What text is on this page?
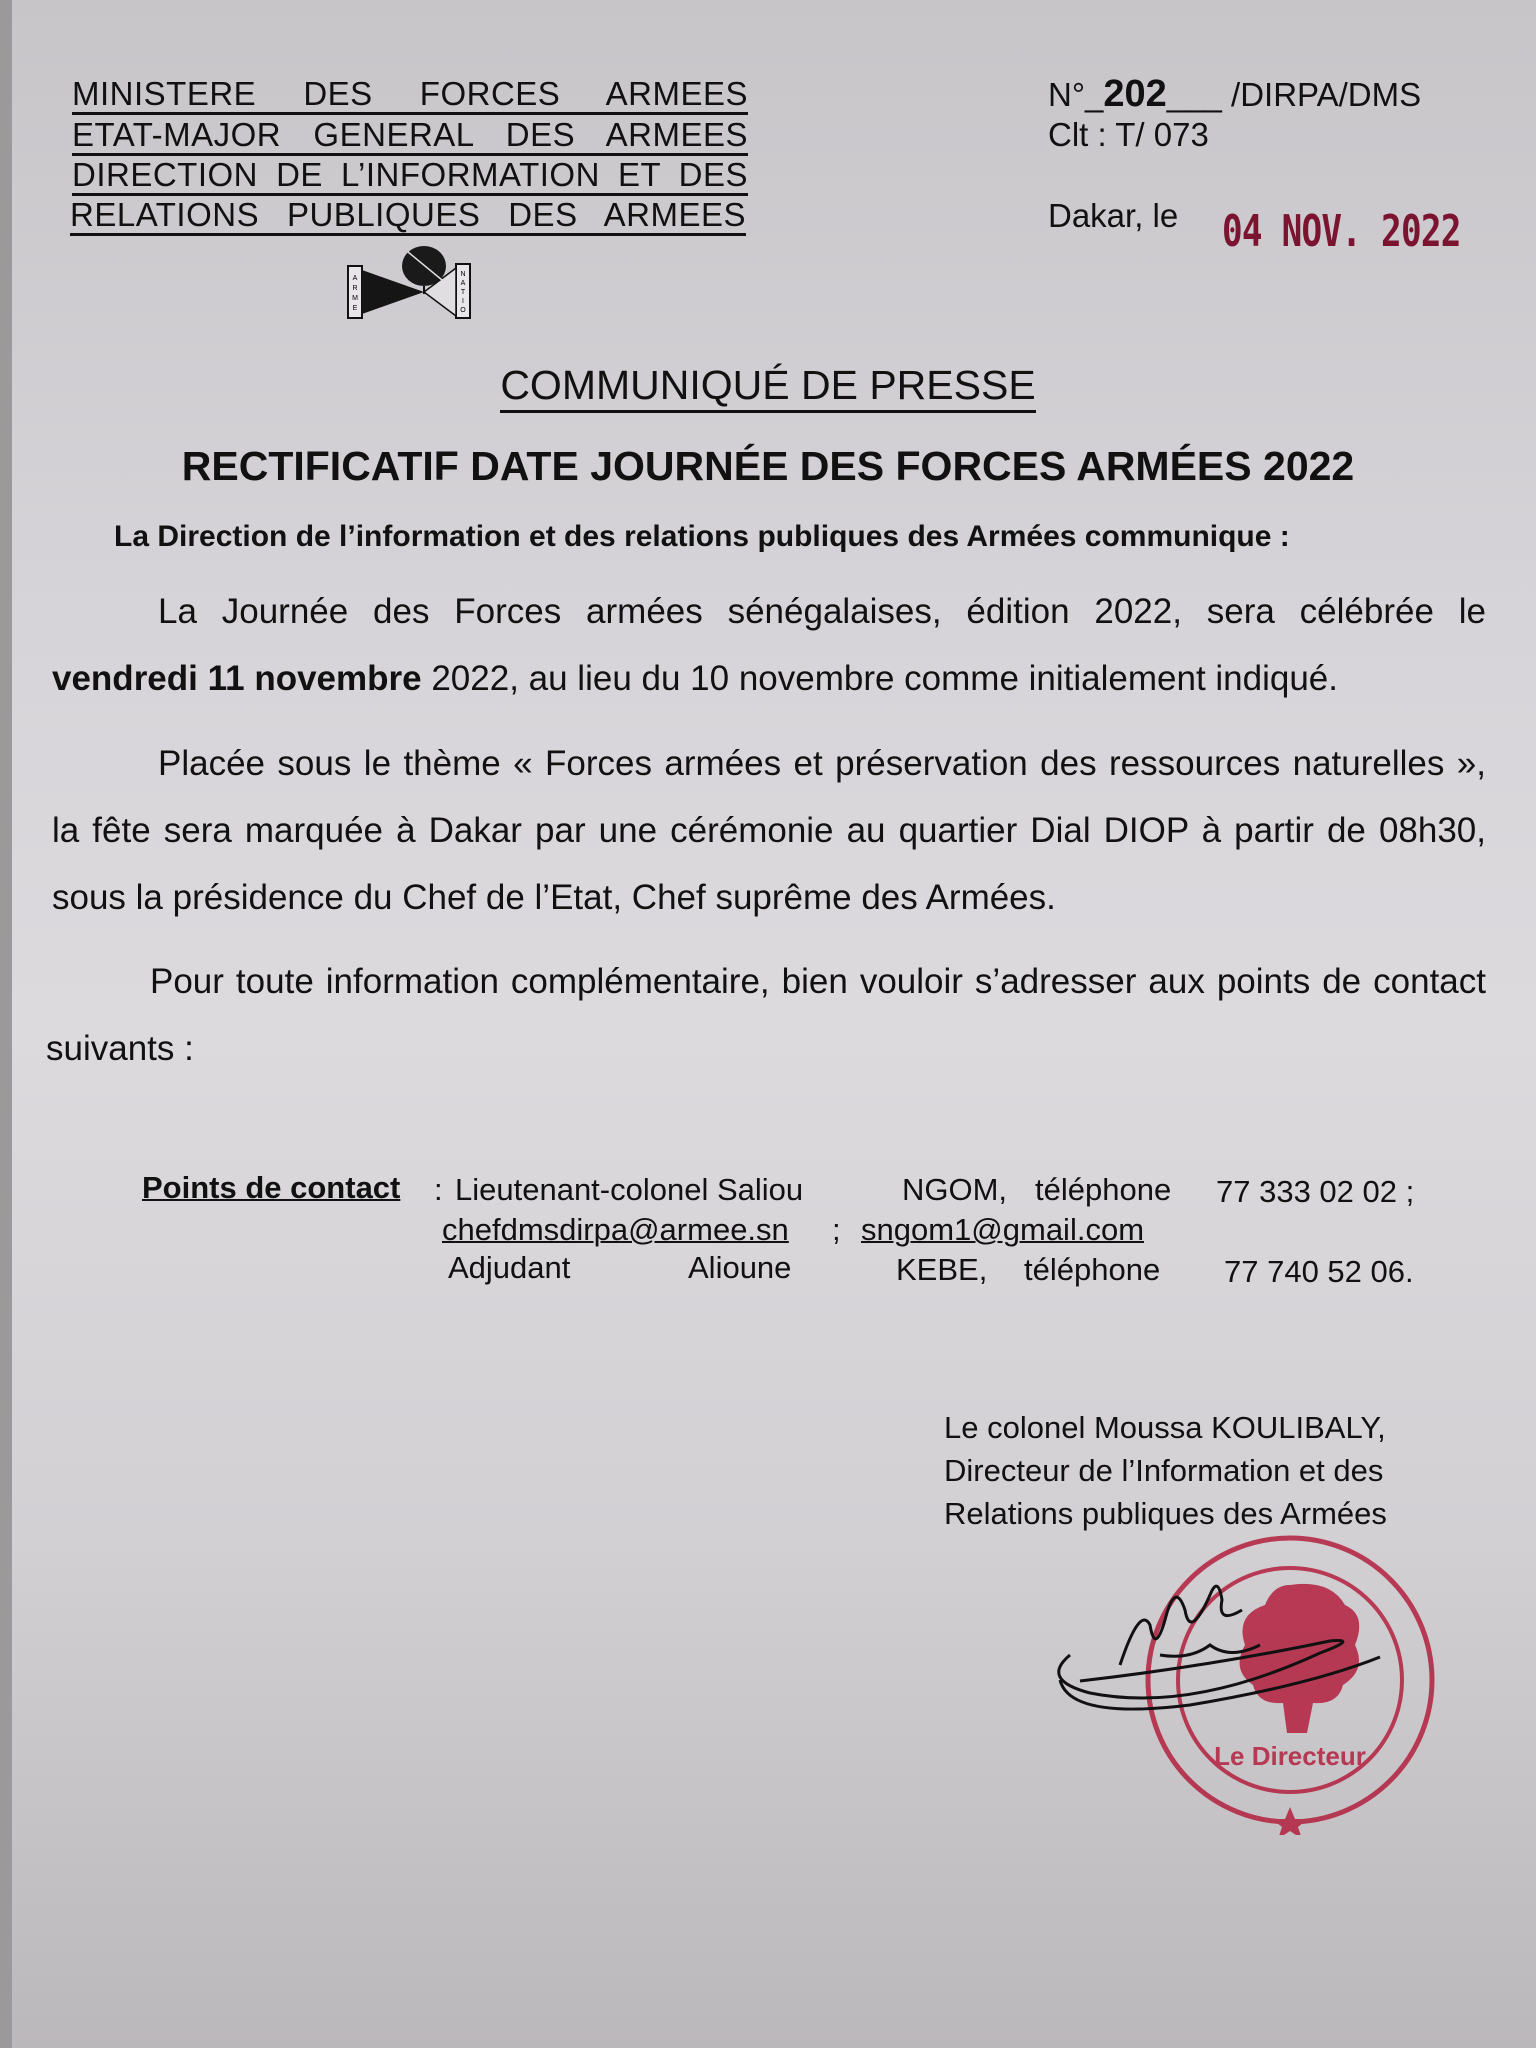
MINISTERE DES FORCES ARMEES
ETAT-MAJOR GENERAL DES ARMEES
DIRECTION DE L’INFORMATION ET DES
RELATIONS PUBLIQUES DES ARMEES
A
R
M
E
N
A
T
I
O
N°_202___ /DIRPA/DMS
Clt : T/ 073
Dakar, le 04 NOV. 2022
COMMUNIQUÉ DE PRESSE
RECTIFICATIF DATE JOURNÉE DES FORCES ARMÉES 2022
La Direction de l’information et des relations publiques des Armées communique :
La Journée des Forces armées sénégalaises, édition 2022, sera célébrée le vendredi 11 novembre 2022, au lieu du 10 novembre comme initialement indiqué.
Placée sous le thème « Forces armées et préservation des ressources naturelles », la fête sera marquée à Dakar par une cérémonie au quartier Dial DIOP à partir de 08h30, sous la présidence du Chef de l’Etat, Chef suprême des Armées.
Pour toute information complémentaire, bien vouloir s’adresser aux points de contact suivants :
Points de contact : Lieutenant-colonel Saliou	NGOM, téléphone 77 333 02 02 ;
chefdmsdirpa@armee.sn ; sngom1@gmail.com
Adjudant	Alioune	KEBE, téléphone 77 740 52 06.
Le colonel Moussa KOULIBALY,
Directeur de l’Information et des
Relations publiques des Armées
Le Directeur
